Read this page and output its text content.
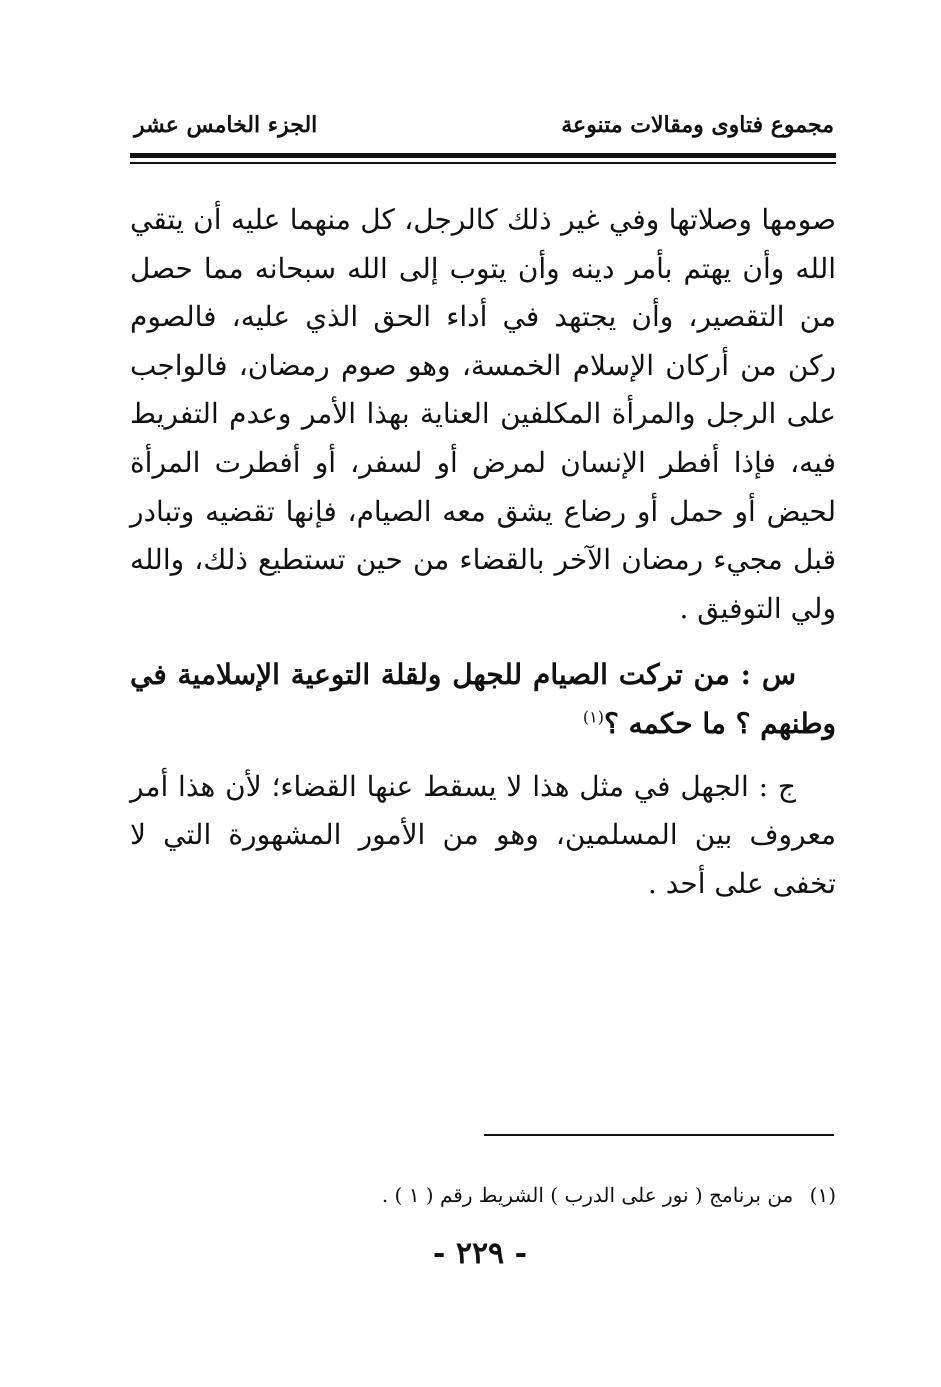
مجموع فتاوى ومقالات متنوعة
الجزء الخامس عشر

صومها وصلاتها وفي غير ذلك كالرجل، كل منهما عليه أن يتقي الله وأن يهتم بأمر دينه وأن يتوب إلى الله سبحانه مما حصل من التقصير، وأن يجتهد في أداء الحق الذي عليه، فالصوم ركن من أركان الإسلام الخمسة، وهو صوم رمضان، فالواجب على الرجل والمرأة المكلفين العناية بهذا الأمر وعدم التفريط فيه، فإذا أفطر الإنسان لمرض أو لسفر، أو أفطرت المرأة لحيض أو حمل أو رضاع يشق معه الصيام، فإنها تقضيه وتبادر قبل مجيء رمضان الآخر بالقضاء من حين تستطيع ذلك، والله ولي التوفيق .

س : من تركت الصيام للجهل ولقلة التوعية الإسلامية في وطنهم ؟ ما حكمه ؟$^{(١)}$

ج : الجهل في مثل هذا لا يسقط عنها القضاء؛ لأن هذا أمر معروف بين المسلمين، وهو من الأمور المشهورة التي لا تخفى على أحد .

(١) من برنامج ( نور على الدرب ) الشريط رقم ( ١ ) .
- ٢٢٩ -
